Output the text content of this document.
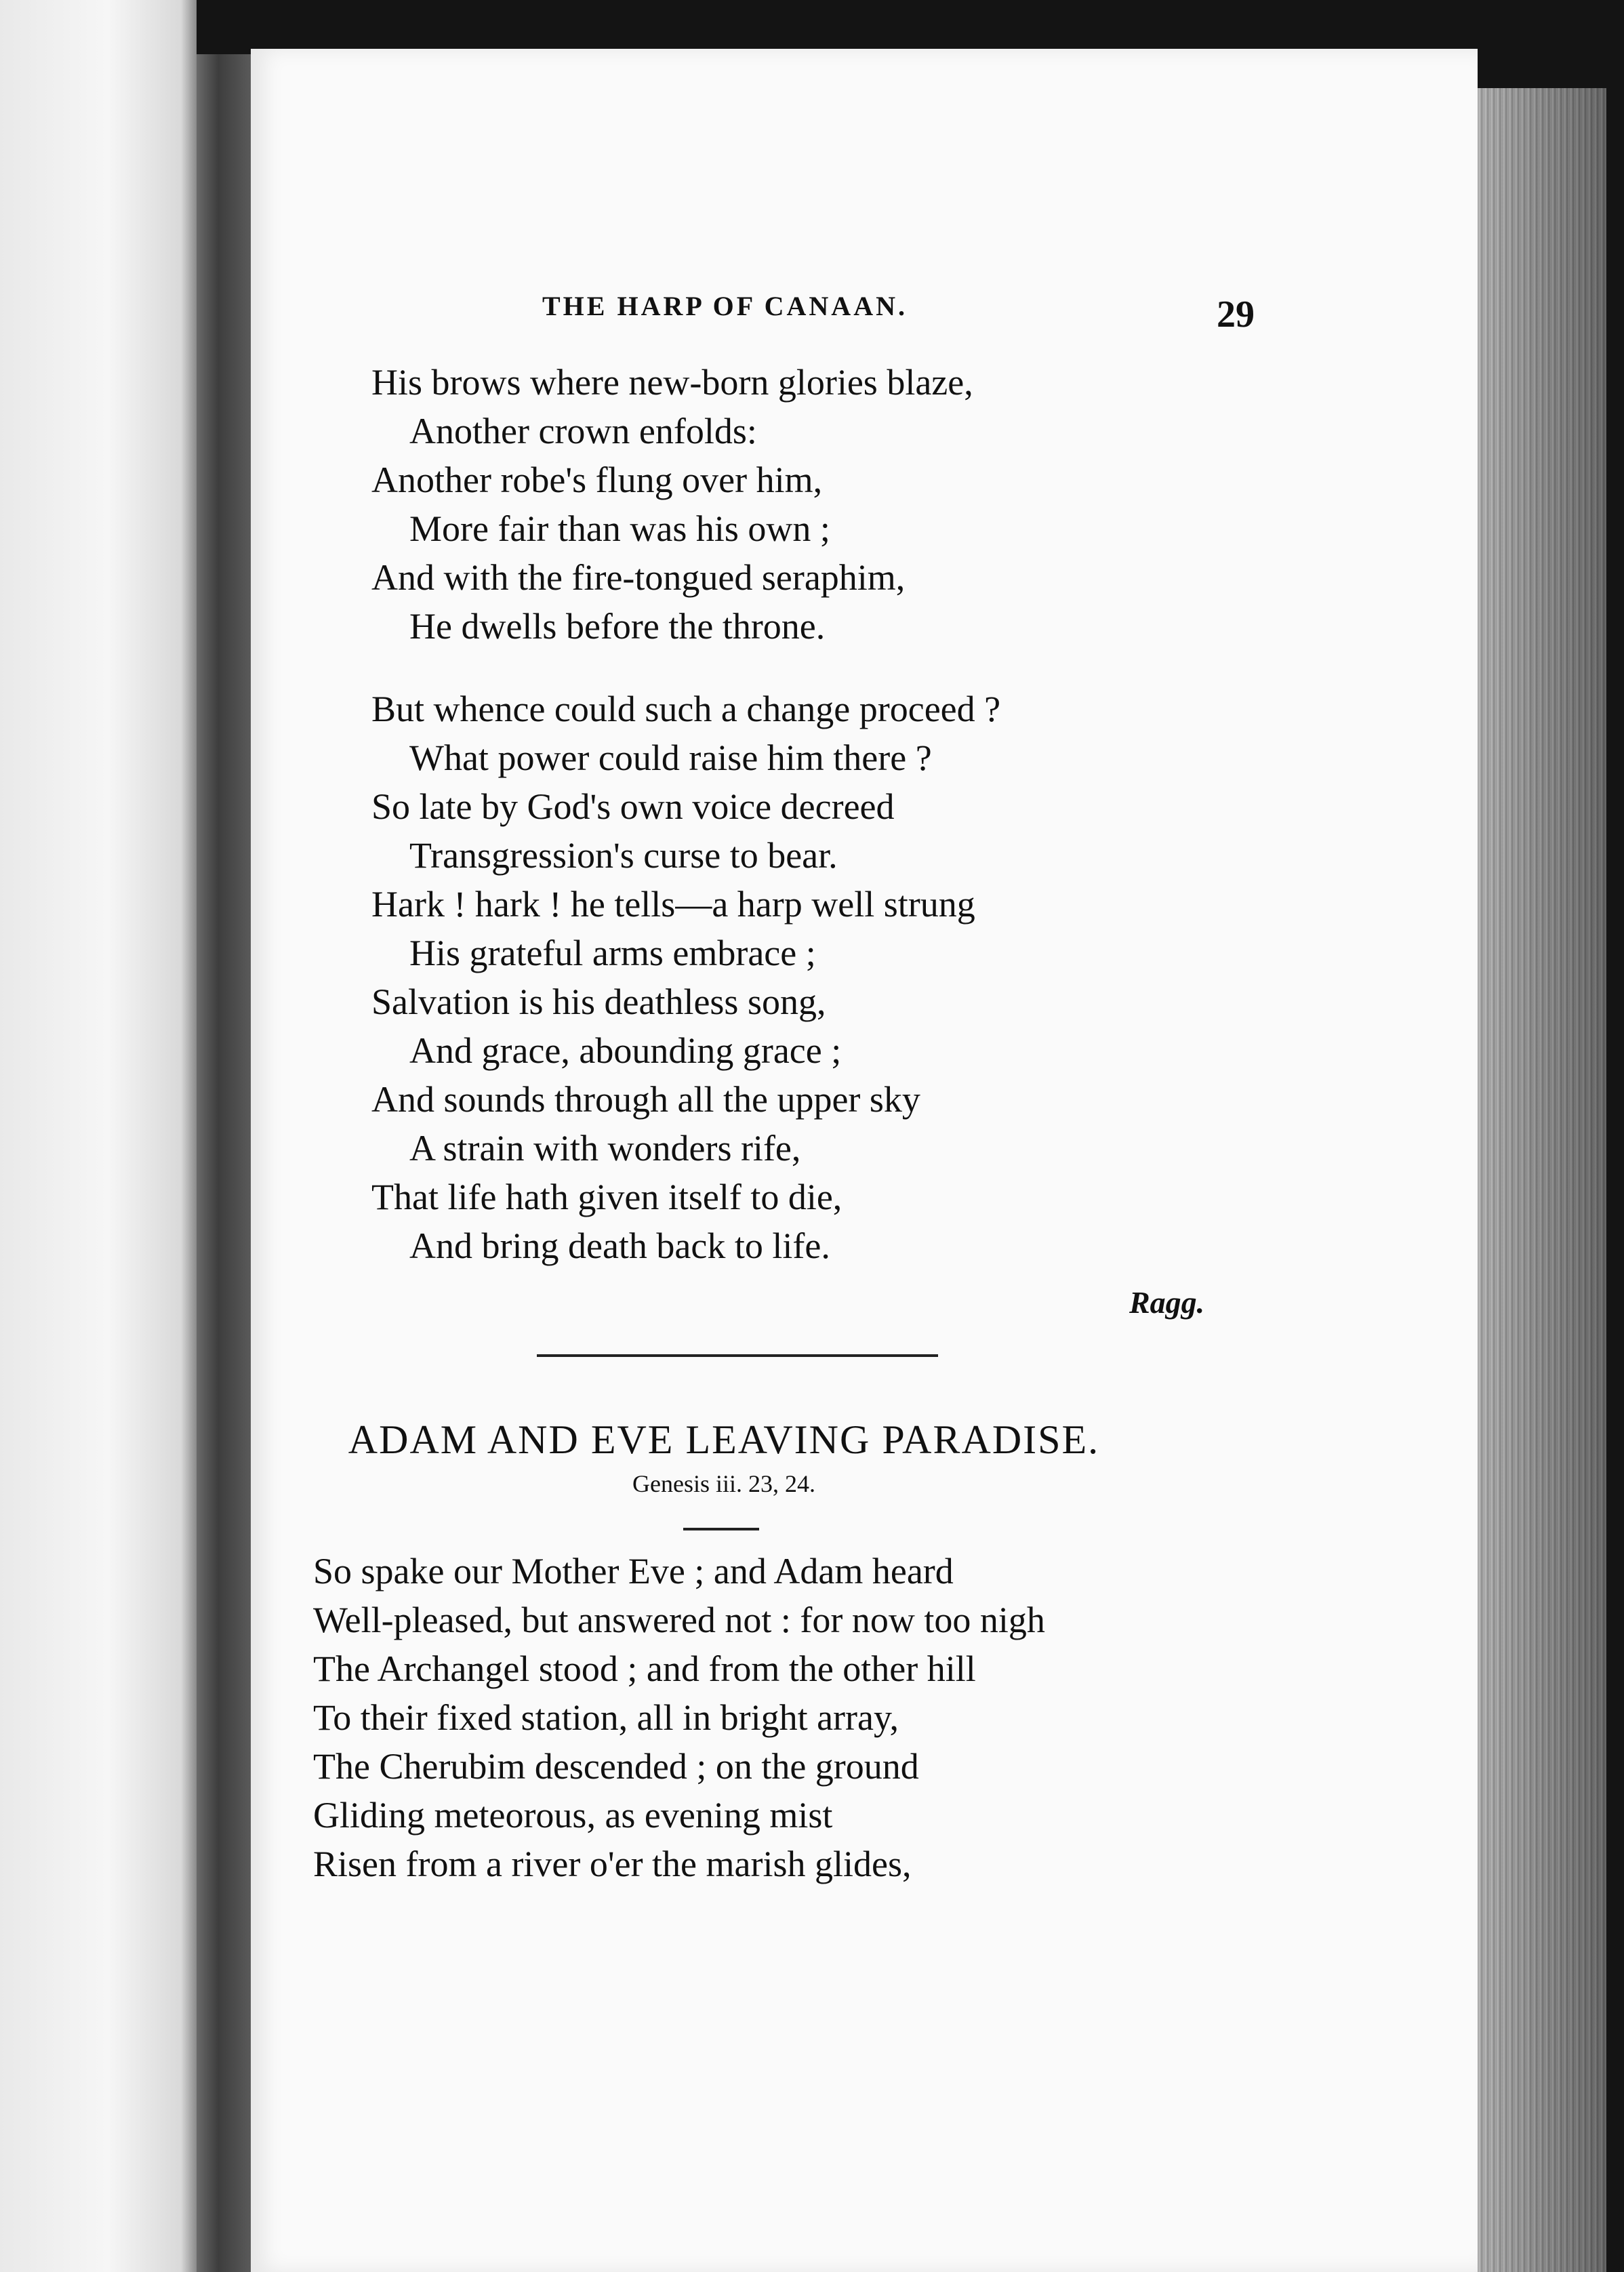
THE HARP OF CANAAN.	29
His brows where new-born glories blaze,
Another crown enfolds:
Another robe's flung over him,
More fair than was his own ;
And with the fire-tongued seraphim,
He dwells before the throne.
But whence could such a change proceed ?
What power could raise him there ?
So late by God's own voice decreed
Transgression's curse to bear.
Hark ! hark ! he tells—a harp well strung
His grateful arms embrace ;
Salvation is his deathless song,
And grace, abounding grace ;
And sounds through all the upper sky
A strain with wonders rife,
That life hath given itself to die,
And bring death back to life.
Ragg.
ADAM AND EVE LEAVING PARADISE.
Genesis iii. 23, 24.
So spake our Mother Eve ; and Adam heard
Well-pleased, but answered not : for now too nigh
The Archangel stood ; and from the other hill
To their fixed station, all in bright array,
The Cherubim descended ; on the ground
Gliding meteorous, as evening mist
Risen from a river o'er the marish glides,
